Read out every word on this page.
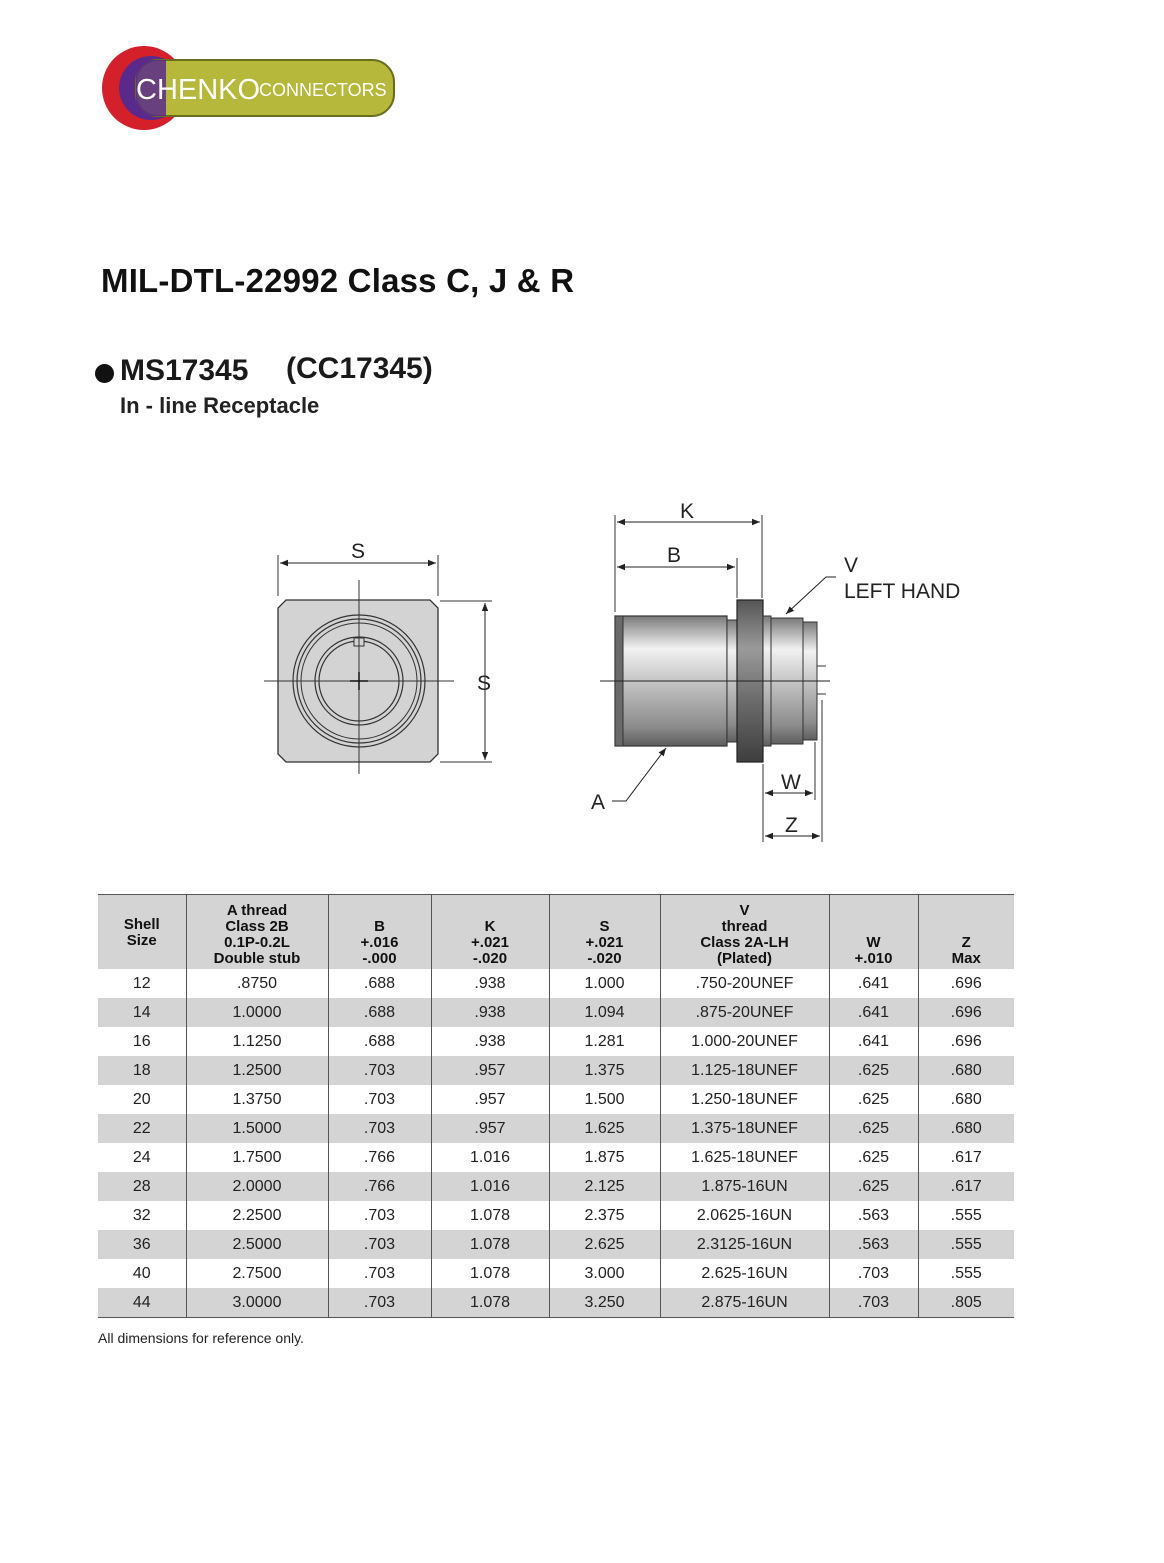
CHENKO
CONNECTORS
MIL-DTL-22992 Class C, J & R
MS17345 (CC17345)
In - line Receptacle
S
S
K
B	V
LEFT HAND
A
W
Z
Shell
Size	A thread
Class 2B
0.1P-0.2L
Double stub	B
+.016
-.000	K
+.021
-.020	S
+.021
-.020	V
thread
Class 2A-LH
(Plated)	W
+.010	Z
Max
12	.8750	.688	.938	1.000	.750-20UNEF	.641	.696
14	1.0000	.688	.938	1.094	.875-20UNEF	.641	.696
16	1.1250	.688	.938	1.281	1.000-20UNEF	.641	.696
18	1.2500	.703	.957	1.375	1.125-18UNEF	.625	.680
20	1.3750	.703	.957	1.500	1.250-18UNEF	.625	.680
22	1.5000	.703	.957	1.625	1.375-18UNEF	.625	.680
24	1.7500	.766	1.016	1.875	1.625-18UNEF	.625	.617
28	2.0000	.766	1.016	2.125	1.875-16UN	.625	.617
32	2.2500	.703	1.078	2.375	2.0625-16UN	.563	.555
36	2.5000	.703	1.078	2.625	2.3125-16UN	.563	.555
40	2.7500	.703	1.078	3.000	2.625-16UN	.703	.555
44	3.0000	.703	1.078	3.250	2.875-16UN	.703	.805
All dimensions for reference only.
